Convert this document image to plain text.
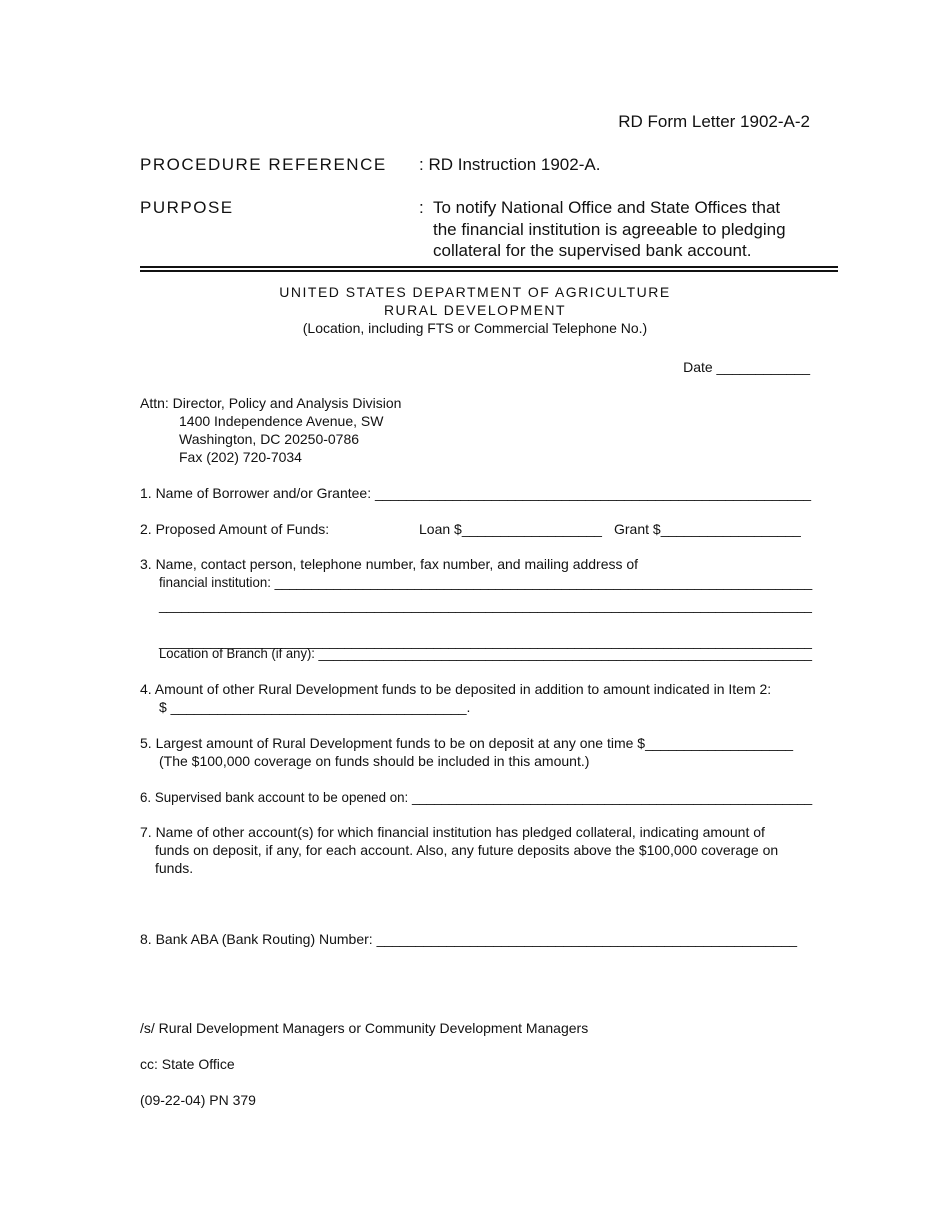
RD Form Letter 1902-A-2
PROCEDURE REFERENCE : RD Instruction 1902-A.
PURPOSE	: To notify National Office and State Offices that
the financial institution is agreeable to pledging
collateral for the supervised bank account.
UNITED STATES DEPARTMENT OF AGRICULTURE
RURAL DEVELOPMENT
(Location, including FTS or Commercial Telephone No.)
Date ____________
Attn: Director, Policy and Analysis Division
1400 Independence Avenue, SW
Washington, DC 20250-0786
Fax (202) 720-7034
1. Name of Borrower and/or Grantee: ________________________________________________________
2. Proposed Amount of Funds:	Loan $__________________ Grant $__________________
3. Name, contact person, telephone number, fax number, and mailing address of
financial institution: _________________________________________________________________________
________________________________________________________________________________________
________________________________________________________________________________________
Location of Branch (if any): ____________________________________________________________________
4. Amount of other Rural Development funds to be deposited in addition to amount indicated in Item 2:
$ ______________________________________.
5. Largest amount of Rural Development funds to be on deposit at any one time $___________________
(The $100,000 coverage on funds should be included in this amount.)
6. Supervised bank account to be opened on: ______________________________________________________
7. Name of other account(s) for which financial institution has pledged collateral, indicating amount of
funds on deposit, if any, for each account. Also, any future deposits above the $100,000 coverage on
funds.
8. Bank ABA (Bank Routing) Number: ______________________________________________________
/s/ Rural Development Managers or Community Development Managers
cc: State Office
(09-22-04) PN 379
